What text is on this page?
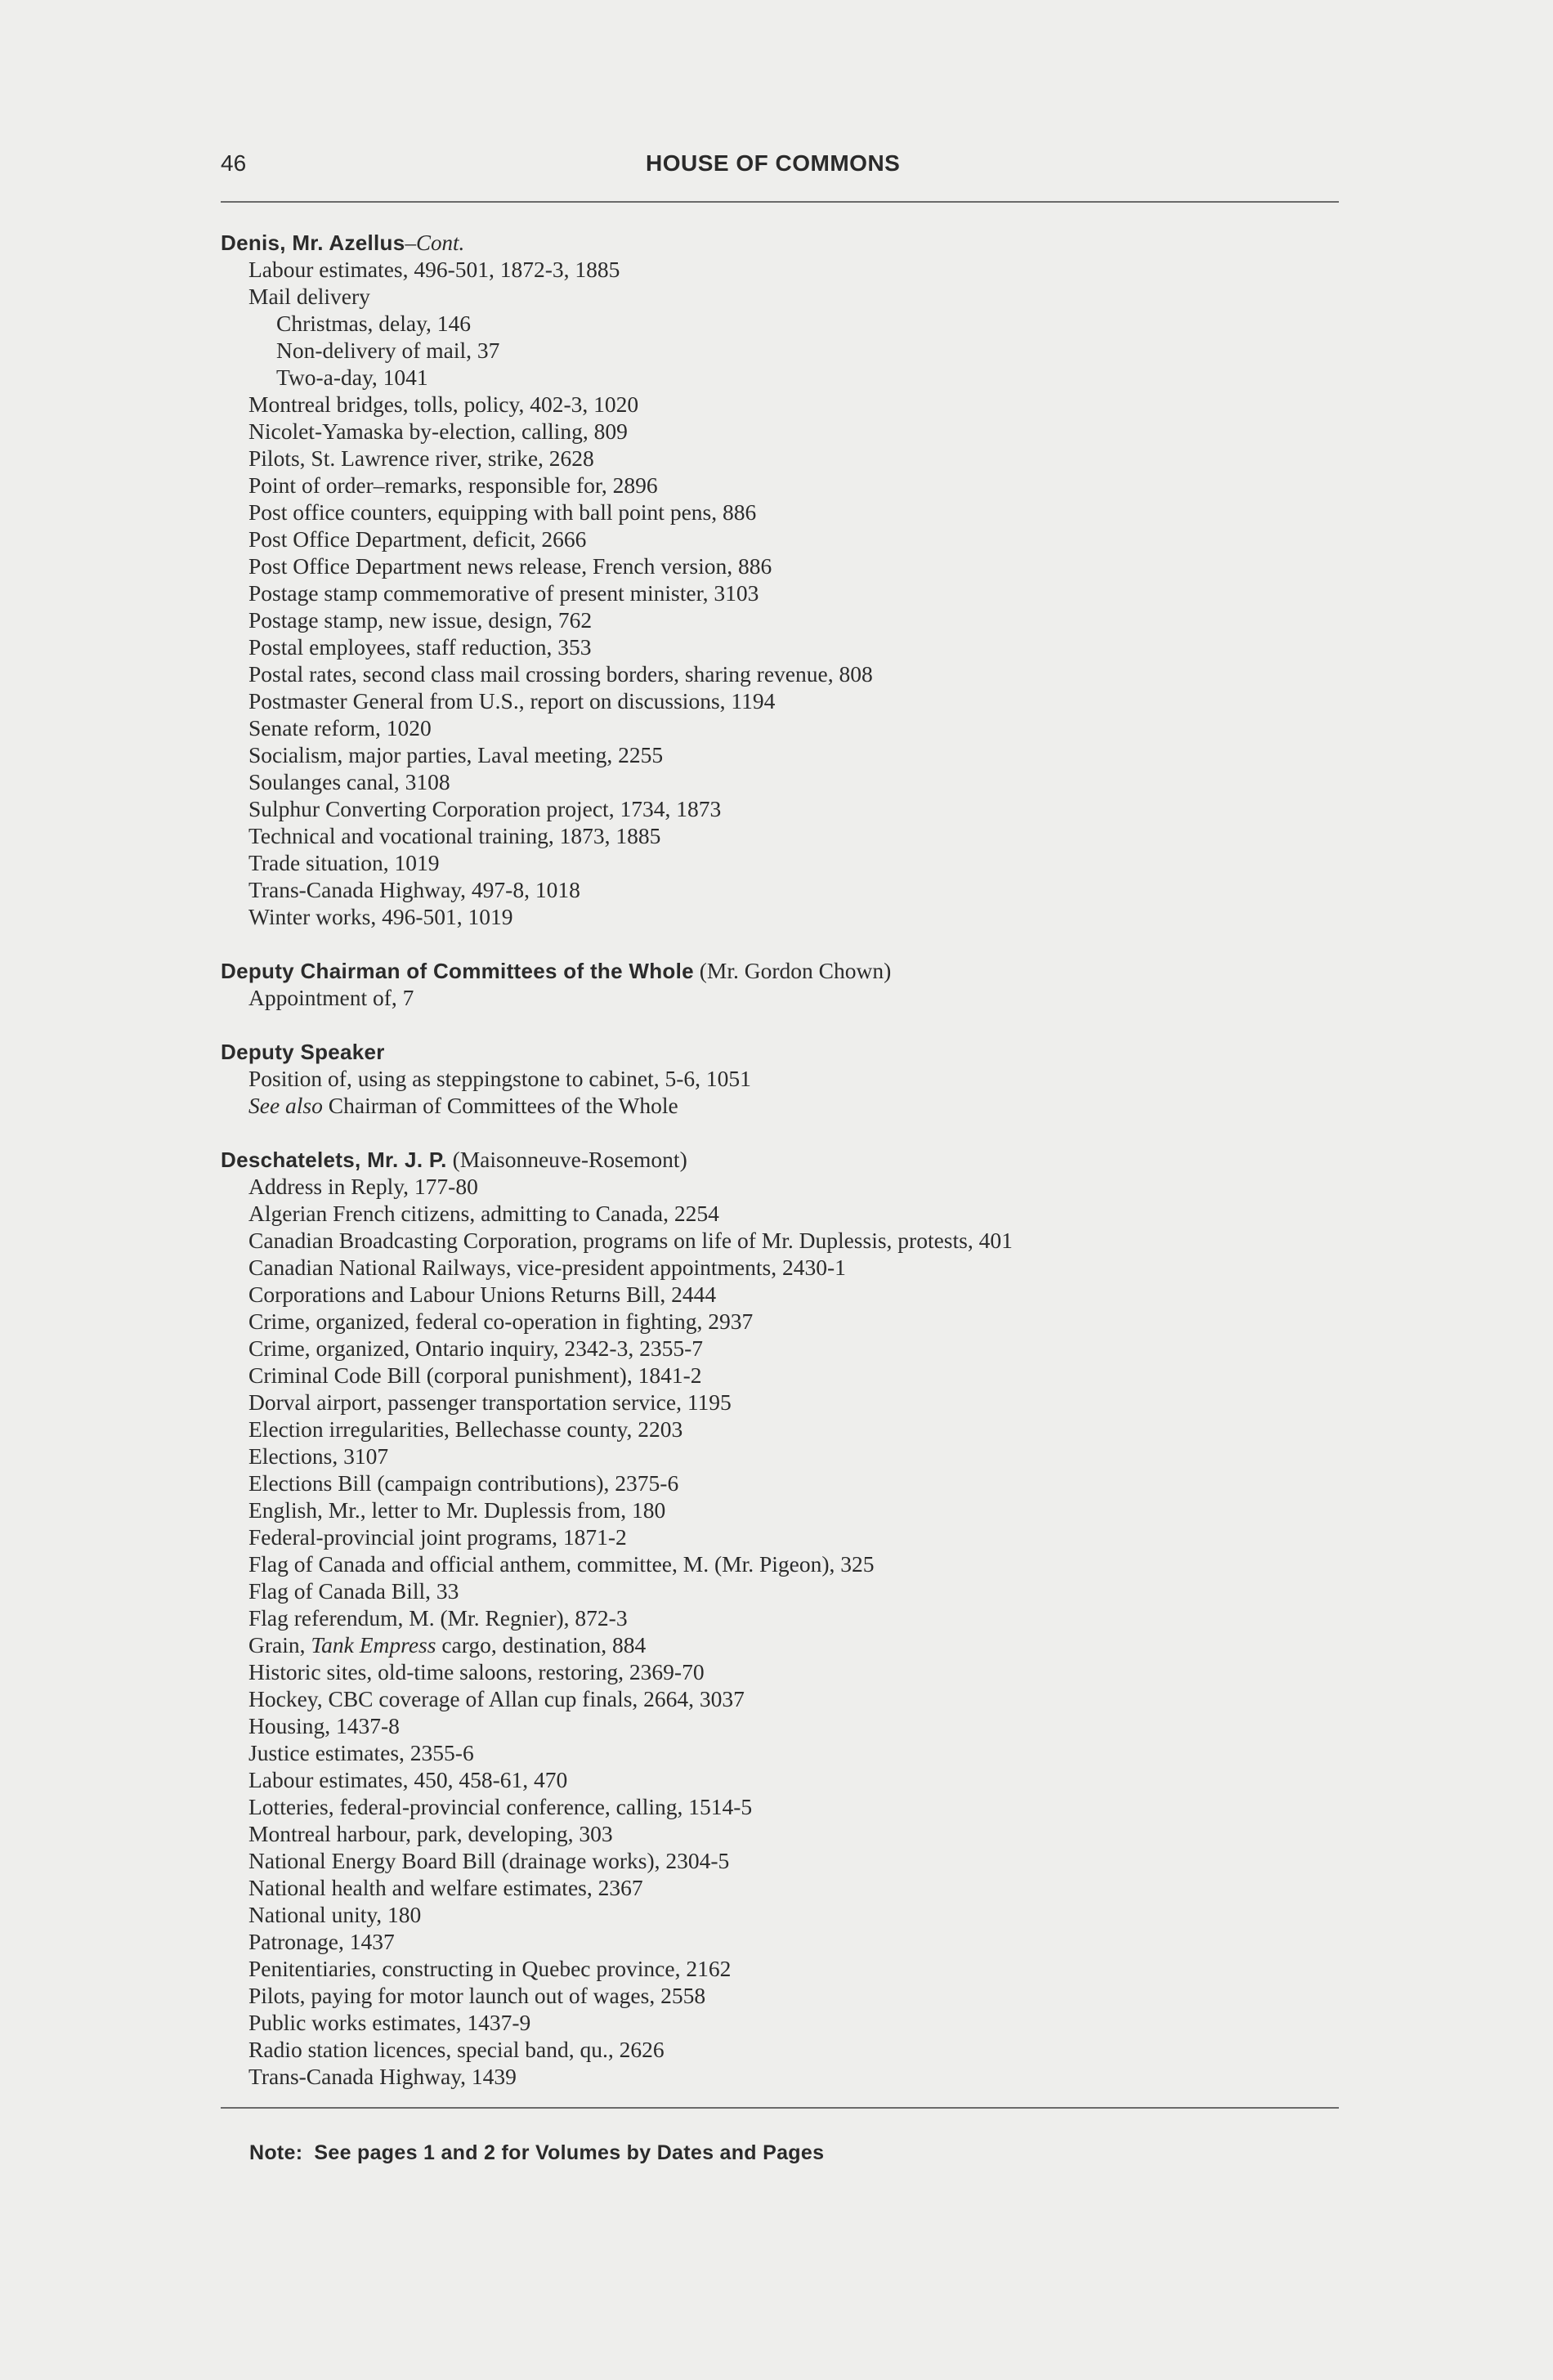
46	HOUSE OF COMMONS
Denis, Mr. Azellus–Cont.
Labour estimates, 496-501, 1872-3, 1885
Mail delivery
Christmas, delay, 146
Non-delivery of mail, 37
Two-a-day, 1041
Montreal bridges, tolls, policy, 402-3, 1020
Nicolet-Yamaska by-election, calling, 809
Pilots, St. Lawrence river, strike, 2628
Point of order–remarks, responsible for, 2896
Post office counters, equipping with ball point pens, 886
Post Office Department, deficit, 2666
Post Office Department news release, French version, 886
Postage stamp commemorative of present minister, 3103
Postage stamp, new issue, design, 762
Postal employees, staff reduction, 353
Postal rates, second class mail crossing borders, sharing revenue, 808
Postmaster General from U.S., report on discussions, 1194
Senate reform, 1020
Socialism, major parties, Laval meeting, 2255
Soulanges canal, 3108
Sulphur Converting Corporation project, 1734, 1873
Technical and vocational training, 1873, 1885
Trade situation, 1019
Trans-Canada Highway, 497-8, 1018
Winter works, 496-501, 1019
Deputy Chairman of Committees of the Whole (Mr. Gordon Chown)
Appointment of, 7
Deputy Speaker
Position of, using as steppingstone to cabinet, 5-6, 1051
See also Chairman of Committees of the Whole
Deschatelets, Mr. J. P. (Maisonneuve-Rosemont)
Address in Reply, 177-80
Algerian French citizens, admitting to Canada, 2254
Canadian Broadcasting Corporation, programs on life of Mr. Duplessis, protests, 401
Canadian National Railways, vice-president appointments, 2430-1
Corporations and Labour Unions Returns Bill, 2444
Crime, organized, federal co-operation in fighting, 2937
Crime, organized, Ontario inquiry, 2342-3, 2355-7
Criminal Code Bill (corporal punishment), 1841-2
Dorval airport, passenger transportation service, 1195
Election irregularities, Bellechasse county, 2203
Elections, 3107
Elections Bill (campaign contributions), 2375-6
English, Mr., letter to Mr. Duplessis from, 180
Federal-provincial joint programs, 1871-2
Flag of Canada and official anthem, committee, M. (Mr. Pigeon), 325
Flag of Canada Bill, 33
Flag referendum, M. (Mr. Regnier), 872-3
Grain, Tank Empress cargo, destination, 884
Historic sites, old-time saloons, restoring, 2369-70
Hockey, CBC coverage of Allan cup finals, 2664, 3037
Housing, 1437-8
Justice estimates, 2355-6
Labour estimates, 450, 458-61, 470
Lotteries, federal-provincial conference, calling, 1514-5
Montreal harbour, park, developing, 303
National Energy Board Bill (drainage works), 2304-5
National health and welfare estimates, 2367
National unity, 180
Patronage, 1437
Penitentiaries, constructing in Quebec province, 2162
Pilots, paying for motor launch out of wages, 2558
Public works estimates, 1437-9
Radio station licences, special band, qu., 2626
Trans-Canada Highway, 1439
Note: See pages 1 and 2 for Volumes by Dates and Pages
